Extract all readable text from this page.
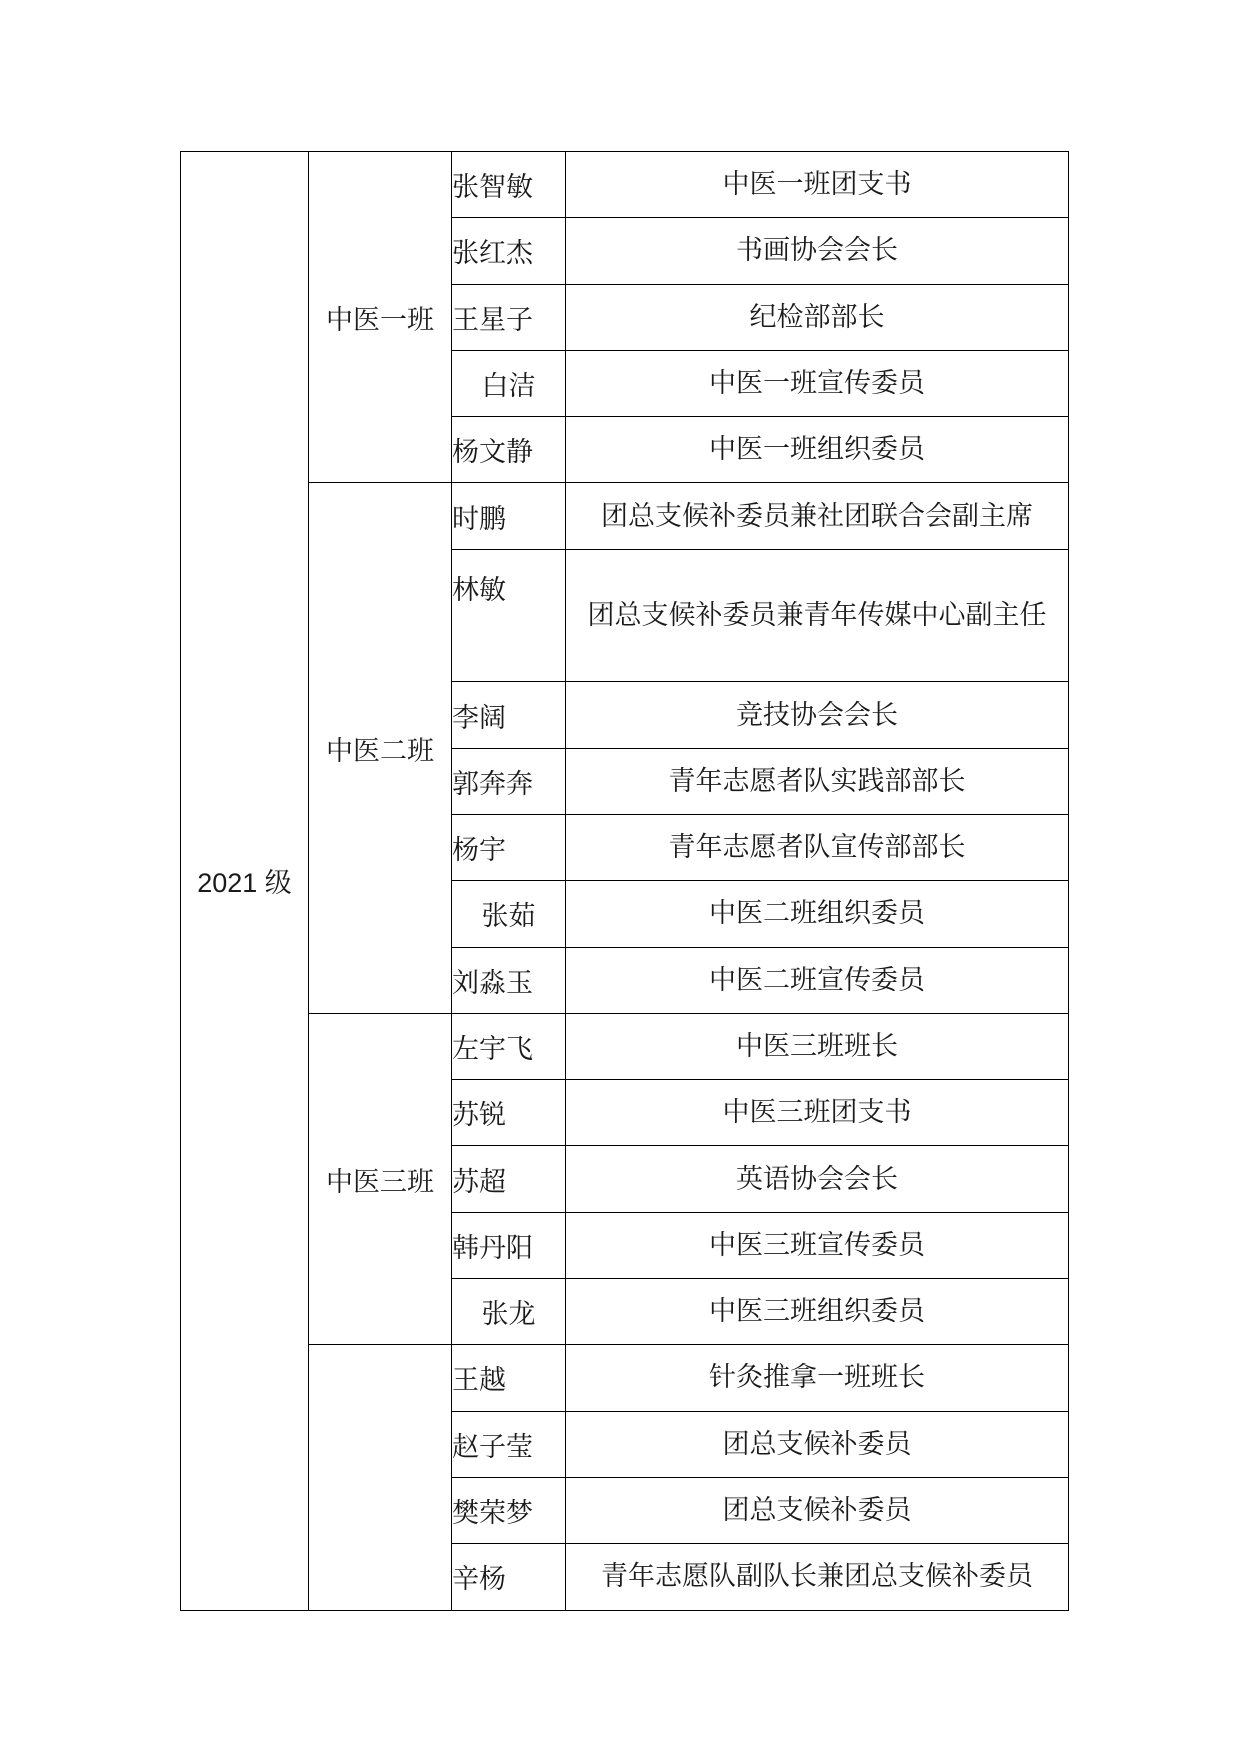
2021 级	中医一班	张智敏	中医一班团支书
		张红杰	书画协会会长
		王星子	纪检部部长
		白洁	中医一班宣传委员
		杨文静	中医一班组织委员
	中医二班	时鹏	团总支候补委员兼社团联合会副主席
		林敏	团总支候补委员兼青年传媒中心副主任
		李阔	竞技协会会长
		郭奔奔	青年志愿者队实践部部长
		杨宇	青年志愿者队宣传部部长
		张茹	中医二班组织委员
		刘淼玉	中医二班宣传委员
	中医三班	左宇飞	中医三班班长
		苏锐	中医三班团支书
		苏超	英语协会会长
		韩丹阳	中医三班宣传委员
		张龙	中医三班组织委员
		王越	针灸推拿一班班长
		赵子莹	团总支候补委员
		樊荣梦	团总支候补委员
		辛杨	青年志愿队副队长兼团总支候补委员
